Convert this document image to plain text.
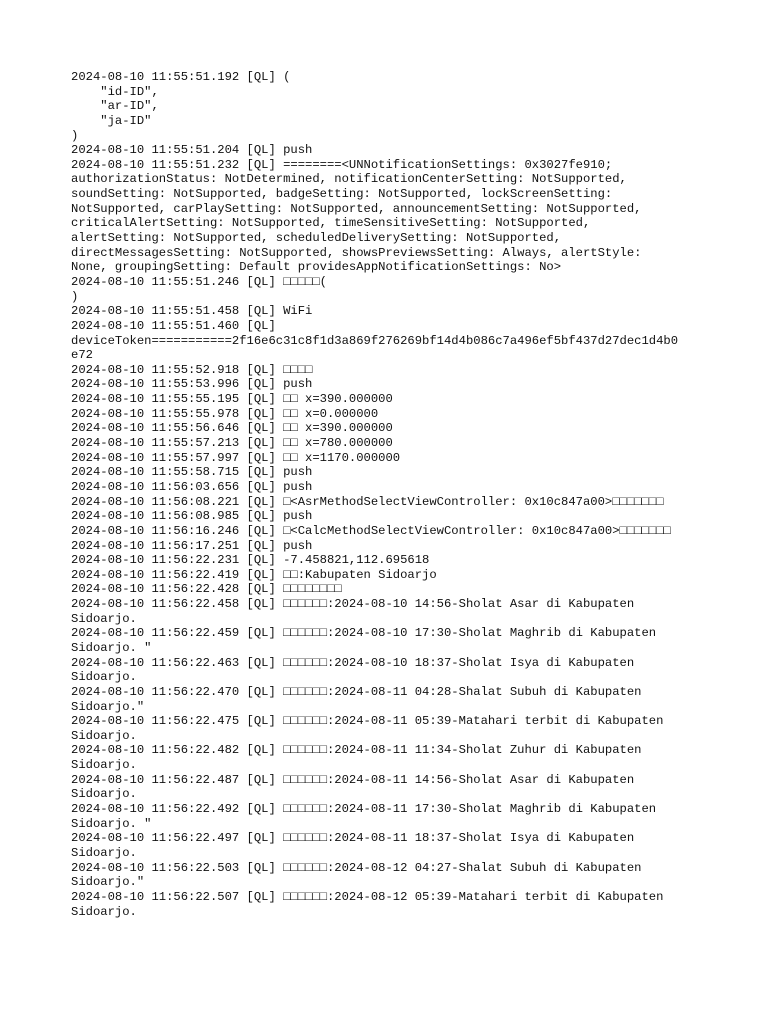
2024-08-10 11:55:51.192 [QL] (
"id-ID",
"ar-ID",
"ja-ID"
)
2024-08-10 11:55:51.204 [QL] push
2024-08-10 11:55:51.232 [QL] ========<UNNotificationSettings: 0x3027fe910;
authorizationStatus: NotDetermined, notificationCenterSetting: NotSupported,
soundSetting: NotSupported, badgeSetting: NotSupported, lockScreenSetting:
NotSupported, carPlaySetting: NotSupported, announcementSetting: NotSupported,
criticalAlertSetting: NotSupported, timeSensitiveSetting: NotSupported,
alertSetting: NotSupported, scheduledDeliverySetting: NotSupported,
directMessagesSetting: NotSupported, showsPreviewsSetting: Always, alertStyle:
None, groupingSetting: Default providesAppNotificationSettings: No>
2024-08-10 11:55:51.246 [QL] □□□□□(
)
2024-08-10 11:55:51.458 [QL] WiFi
2024-08-10 11:55:51.460 [QL]
deviceToken===========2f16e6c31c8f1d3a869f276269bf14d4b086c7a496ef5bf437d27dec1d4b0
e72
2024-08-10 11:55:52.918 [QL] □□□□
2024-08-10 11:55:53.996 [QL] push
2024-08-10 11:55:55.195 [QL] □□ x=390.000000
2024-08-10 11:55:55.978 [QL] □□ x=0.000000
2024-08-10 11:55:56.646 [QL] □□ x=390.000000
2024-08-10 11:55:57.213 [QL] □□ x=780.000000
2024-08-10 11:55:57.997 [QL] □□ x=1170.000000
2024-08-10 11:55:58.715 [QL] push
2024-08-10 11:56:03.656 [QL] push
2024-08-10 11:56:08.221 [QL] □<AsrMethodSelectViewController: 0x10c847a00>□□□□□□□
2024-08-10 11:56:08.985 [QL] push
2024-08-10 11:56:16.246 [QL] □<CalcMethodSelectViewController: 0x10c847a00>□□□□□□□
2024-08-10 11:56:17.251 [QL] push
2024-08-10 11:56:22.231 [QL] -7.458821,112.695618
2024-08-10 11:56:22.419 [QL] □□:Kabupaten Sidoarjo
2024-08-10 11:56:22.428 [QL] □□□□□□□□
2024-08-10 11:56:22.458 [QL] □□□□□□:2024-08-10 14:56-Sholat Asar di Kabupaten
Sidoarjo.
2024-08-10 11:56:22.459 [QL] □□□□□□:2024-08-10 17:30-Sholat Maghrib di Kabupaten
Sidoarjo. "
2024-08-10 11:56:22.463 [QL] □□□□□□:2024-08-10 18:37-Sholat Isya di Kabupaten
Sidoarjo.
2024-08-10 11:56:22.470 [QL] □□□□□□:2024-08-11 04:28-Shalat Subuh di Kabupaten
Sidoarjo."
2024-08-10 11:56:22.475 [QL] □□□□□□:2024-08-11 05:39-Matahari terbit di Kabupaten
Sidoarjo.
2024-08-10 11:56:22.482 [QL] □□□□□□:2024-08-11 11:34-Sholat Zuhur di Kabupaten
Sidoarjo.
2024-08-10 11:56:22.487 [QL] □□□□□□:2024-08-11 14:56-Sholat Asar di Kabupaten
Sidoarjo.
2024-08-10 11:56:22.492 [QL] □□□□□□:2024-08-11 17:30-Sholat Maghrib di Kabupaten
Sidoarjo. "
2024-08-10 11:56:22.497 [QL] □□□□□□:2024-08-11 18:37-Sholat Isya di Kabupaten
Sidoarjo.
2024-08-10 11:56:22.503 [QL] □□□□□□:2024-08-12 04:27-Shalat Subuh di Kabupaten
Sidoarjo."
2024-08-10 11:56:22.507 [QL] □□□□□□:2024-08-12 05:39-Matahari terbit di Kabupaten
Sidoarjo.
